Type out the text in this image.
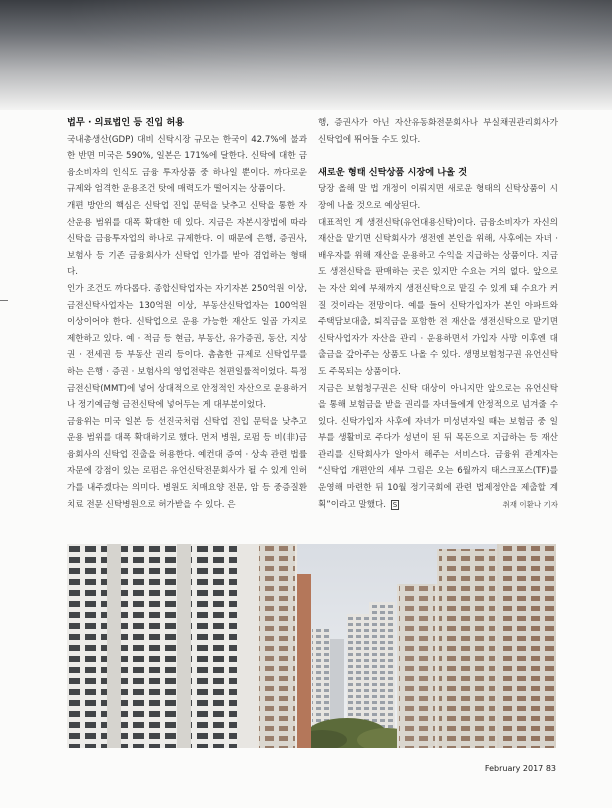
법무 · 의료법인 등 진입 허용

국내총생산(GDP) 대비 신탁시장 규모는 한국이 42.7%에 불과한 반면 미국은 590%, 일본은 171%에 달한다. 신탁에 대한 금융소비자의 인식도 금융 투자상품 중 하나일 뿐이다. 까다로운 규제와 엄격한 운용조건 탓에 매력도가 떨어지는 상품이다.

개편 방안의 핵심은 신탁업 진입 문턱을 낮추고 신탁을 통한 자산운용 범위를 대폭 확대한 데 있다. 지금은 자본시장법에 따라 신탁을 금융투자업의 하나로 규제한다. 이 때문에 은행, 증권사, 보험사 등 기존 금융회사가 신탁업 인가를 받아 겸업하는 형태다.

인가 조건도 까다롭다. 종합신탁업자는 자기자본 250억원 이상, 금전신탁사업자는 130억원 이상, 부동산신탁업자는 100억원 이상이어야 한다. 신탁업으로 운용 가능한 재산도 일곱 가지로 제한하고 있다. 예 · 적금 등 현금, 부동산, 유가증권, 동산, 지상권 · 전세권 등 부동산 권리 등이다. 촘촘한 규제로 신탁업무를 하는 은행 · 증권 · 보험사의 영업전략은 천편일률적이었다. 특정금전신탁(MMT)에 넣어 상대적으로 안정적인 자산으로 운용하거나 정기예금형 금전신탁에 넣어두는 게 대부분이었다.

금융위는 미국 일본 등 선진국처럼 신탁업 진입 문턱을 낮추고 운용 범위를 대폭 확대하기로 했다. 먼저 병원, 로펌 등 비(非)금융회사의 신탁업 진출을 허용한다. 예컨대 증여 · 상속 관련 법률자문에 강점이 있는 로펌은 유언신탁전문회사가 될 수 있게 인허가를 내주겠다는 의미다. 병원도 치매요양 전문, 암 등 중증질환 치료 전문 신탁병원으로 허가받을 수 있다. 은

행, 증권사가 아닌 자산유동화전문회사나 부실채권관리회사가 신탁업에 뛰어들 수도 있다.

새로운 형태 신탁상품 시장에 나올 것

당장 올해 말 법 개정이 이뤄지면 새로운 형태의 신탁상품이 시장에 나올 것으로 예상된다.

대표적인 게 생전신탁(유언대용신탁)이다. 금융소비자가 자신의 재산을 맡기면 신탁회사가 생전엔 본인을 위해, 사후에는 자녀 · 배우자를 위해 재산을 운용하고 수익을 지급하는 상품이다. 지금도 생전신탁을 판매하는 곳은 있지만 수요는 거의 없다. 앞으로는 자산 외에 부채까지 생전신탁으로 맡길 수 있게 돼 수요가 커질 것이라는 전망이다. 예를 들어 신탁가입자가 본인 아파트와 주택담보대출, 퇴직금을 포함한 전 재산을 생전신탁으로 맡기면 신탁사업자가 자산을 관리 · 운용하면서 가입자 사망 이후엔 대출금을 갚아주는 상품도 나올 수 있다. 생명보험청구권 유언신탁도 주목되는 상품이다.

지금은 보험청구권은 신탁 대상이 아니지만 앞으로는 유언신탁을 통해 보험금을 받을 권리를 자녀들에게 안정적으로 넘겨줄 수 있다. 신탁가입자 사후에 자녀가 미성년자일 때는 보험금 중 일부를 생활비로 주다가 성년이 된 뒤 목돈으로 지급하는 등 재산관리를 신탁회사가 알아서 해주는 서비스다. 금융위 관계자는 “신탁업 개편안의 세부 그림은 오는 6월까지 태스크포스(TF)를 운영해 마련한 뒤 10월 정기국회에 관련 법제정안을 제출할 계획”이라고 말했다. S	취재 이환나 기자
February 2017 83
